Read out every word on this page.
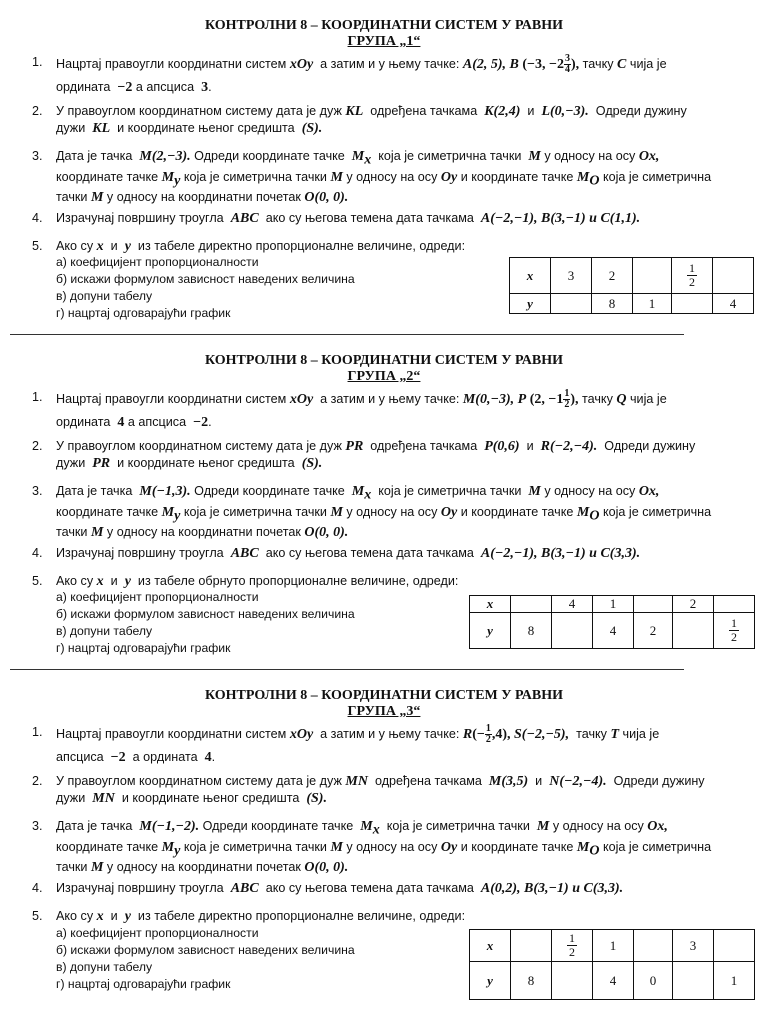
КОНТРОЛНИ 8 – КООРДИНАТНИ СИСТЕМ У РАВНИ
ГРУПА „1“
1. Нацртај правоугли координатни систем xOy а затим и у њему тачке: A(2, 5), B (−3, $-2 \frac{3}{4}$ ), тачку C чија је
ордината −2 а апсциса 3.
2. У правоуглом координатном систему дата је дуж KL одређена тачкама K(2,4) и L(0,−3). Одреди дужину
дужи KL и координате њеног средишта (S).
3. Дата је тачка M(2,−3). Одреди координате тачке $M_x$ која је симетрична тачки M у односу на осу Ox,
координате тачке $M_y$ која је симетрична тачки M у односу на осу Oy и координате тачке $M_O$ која је симетрична
тачки M у односу на координатни почетак O(0, 0).
4. Израчунај површину троугла ABC ако су његова темена дата тачкама A(−2,−1), B(3,−1) и C(1,1).
5. Ако су x и y из табеле директно пропорционалне величине, одреди:
а) коефицијент пропорционалности
б) искажи формулом зависност наведених величина
в) допуни табелу
г) нацртај одговарајући график
x	3	2		$\frac{1}{2}$

y		8	1		4
КОНТРОЛНИ 8 – КООРДИНАТНИ СИСТЕМ У РАВНИ
ГРУПА „2“
1. Нацртај правоугли координатни систем xOy а затим и у њему тачке: M(0,−3), P (2, $-1 \frac{1}{2}$ ), тачку Q чија је
ордината 4 а апсциса −2.
2. У правоуглом координатном систему дата је дуж PR одређена тачкама P(0,6) и R(−2,−4). Одреди дужину
дужи PR и координате њеног средишта (S).
3. Дата је тачка M(−1,3). Одреди координате тачке $M_x$ која је симетрична тачки M у односу на осу Ox,
координате тачке $M_y$ која је симетрична тачки M у односу на осу Oy и координате тачке $M_O$ која је симетрична
тачки M у односу на координатни почетак O(0, 0).
4. Израчунај површину троугла ABC ако су његова темена дата тачкама A(−2,−1), B(3,−1) и C(3,3).
5. Ако су x и y из табеле обрнуто пропорционалне величине, одреди:
а) коефицијент пропорционалности
б) искажи формулом зависност наведених величина
в) допуни табелу
г) нацртај одговарајући график
x		4	1		2	
y	8		4	2		$\frac{1}{2}$
КОНТРОЛНИ 8 – КООРДИНАТНИ СИСТЕМ У РАВНИ
ГРУПА „3“
1. Нацртај правоугли координатни систем xOy а затим и у њему тачке: $R(- \frac{1}{2} ,4)$, S(−2,−5), тачку T чија је
апсциса −2 а ордината 4.
2. У правоуглом координатном систему дата је дуж MN одређена тачкама M(3,5) и N(−2,−4). Одреди дужину
дужи MN и координате њеног средишта (S).
3. Дата је тачка M(−1,−2). Одреди координате тачке $M_x$ која је симетрична тачки M у односу на осу Ox,
координате тачке $M_y$ која је симетрична тачки M у односу на осу Oy и координате тачке $M_O$ која је симетрична
тачки M у односу на координатни почетак O(0, 0).
4. Израчунај површину троугла ABC ако су његова темена дата тачкама A(0,2), B(3,−1) и C(3,3).
5. Ако су x и y из табеле директно пропорционалне величине, одреди:
а) коефицијент пропорционалности
б) искажи формулом зависност наведених величина
в) допуни табелу
г) нацртај одговарајући график
x		$\frac{1}{2}$	1		3	
y	8		4	0		1
